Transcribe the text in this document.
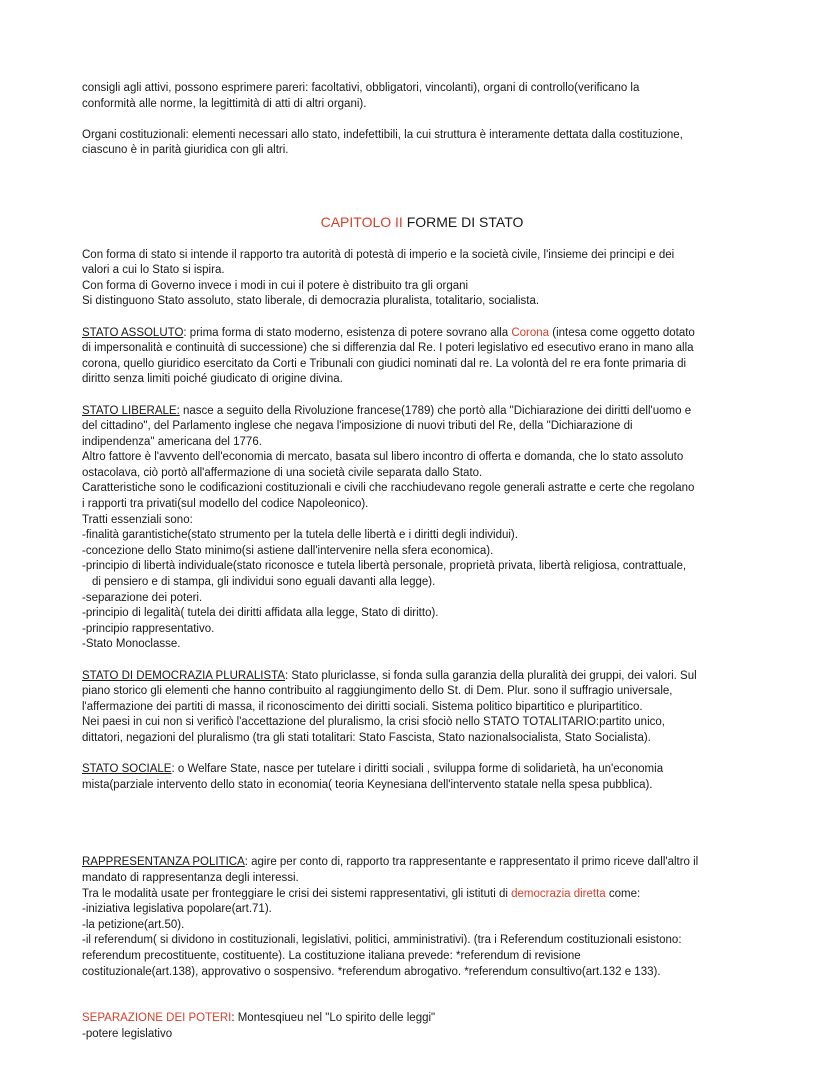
consigli agli attivi, possono esprimere pareri: facoltativi, obbligatori, vincolanti), organi di controllo(verificano la

conformità alle norme, la legittimità di atti di altri organi).

Organi costituzionali: elementi necessari allo stato, indefettibili, la cui struttura è interamente dettata dalla costituzione,

ciascuno è in parità giuridica con gli altri.

CAPITOLO II FORME DI STATO

Con forma di stato si intende il rapporto tra autorità di potestà di imperio e la società civile, l'insieme dei principi e dei

valori a cui lo Stato si ispira.

Con forma di Governo invece i modi in cui il potere è distribuito tra gli organi

Si distinguono Stato assoluto, stato liberale, di democrazia pluralista, totalitario, socialista.

STATO ASSOLUTO: prima forma di stato moderno, esistenza di potere sovrano alla Corona (intesa come oggetto dotato

di impersonalità e continuità di successione) che si differenzia dal Re. I poteri legislativo ed esecutivo erano in mano alla

corona, quello giuridico esercitato da Corti e Tribunali con giudici nominati dal re. La volontà del re era fonte primaria di

diritto senza limiti poiché giudicato di origine divina.

STATO LIBERALE: nasce a seguito della Rivoluzione francese(1789) che portò alla "Dichiarazione dei diritti dell'uomo e

del cittadino", del Parlamento inglese che negava l'imposizione di nuovi tributi del Re, della "Dichiarazione di

indipendenza" americana del 1776.

Altro fattore è l'avvento dell'economia di mercato, basata sul libero incontro di offerta e domanda, che lo stato assoluto

ostacolava, ciò portò all'affermazione di una società civile separata dallo Stato.

Caratteristiche sono le codificazioni costituzionali e civili che racchiudevano regole generali astratte e certe che regolano

i rapporti tra privati(sul modello del codice Napoleonico).

Tratti essenziali sono:

-finalità garantistiche(stato strumento per la tutela delle libertà e i diritti degli individui).

-concezione dello Stato minimo(si astiene dall'intervenire nella sfera economica).

-principio di libertà individuale(stato riconosce e tutela libertà personale, proprietà privata, libertà religiosa, contrattuale,

di pensiero e di stampa, gli individui sono eguali davanti alla legge).

-separazione dei poteri.

-principio di legalità( tutela dei diritti affidata alla legge, Stato di diritto).

-principio rappresentativo.

-Stato Monoclasse.

STATO DI DEMOCRAZIA PLURALISTA: Stato pluriclasse, si fonda sulla garanzia della pluralità dei gruppi, dei valori. Sul

piano storico gli elementi che hanno contribuito al raggiungimento dello St. di Dem. Plur. sono il suffragio universale,

l'affermazione dei partiti di massa, il riconoscimento dei diritti sociali. Sistema politico bipartitico e pluripartitico.

Nei paesi in cui non si verificò l'accettazione del pluralismo, la crisi sfociò nello STATO TOTALITARIO:partito unico,

dittatori, negazioni del pluralismo (tra gli stati totalitari: Stato Fascista, Stato nazionalsocialista, Stato Socialista).

STATO SOCIALE: o Welfare State, nasce per tutelare i diritti sociali , sviluppa forme di solidarietà, ha un'economia

mista(parziale intervento dello stato in economia( teoria Keynesiana dell'intervento statale nella spesa pubblica).

RAPPRESENTANZA POLITICA: agire per conto di, rapporto tra rappresentante e rappresentato il primo riceve dall'altro il

mandato di rappresentanza degli interessi.

Tra le modalità usate per fronteggiare le crisi dei sistemi rappresentativi, gli istituti di democrazia diretta come:

-iniziativa legislativa popolare(art.71).

-la petizione(art.50).

-il referendum( si dividono in costituzionali, legislativi, politici, amministrativi). (tra i Referendum costituzionali esistono:

referendum precostituente, costituente). La costituzione italiana prevede: *referendum di revisione

costituzionale(art.138), approvativo o sospensivo. *referendum abrogativo. *referendum consultivo(art.132 e 133).

SEPARAZIONE DEI POTERI: Montesqiueu nel "Lo spirito delle leggi"

-potere legislativo
